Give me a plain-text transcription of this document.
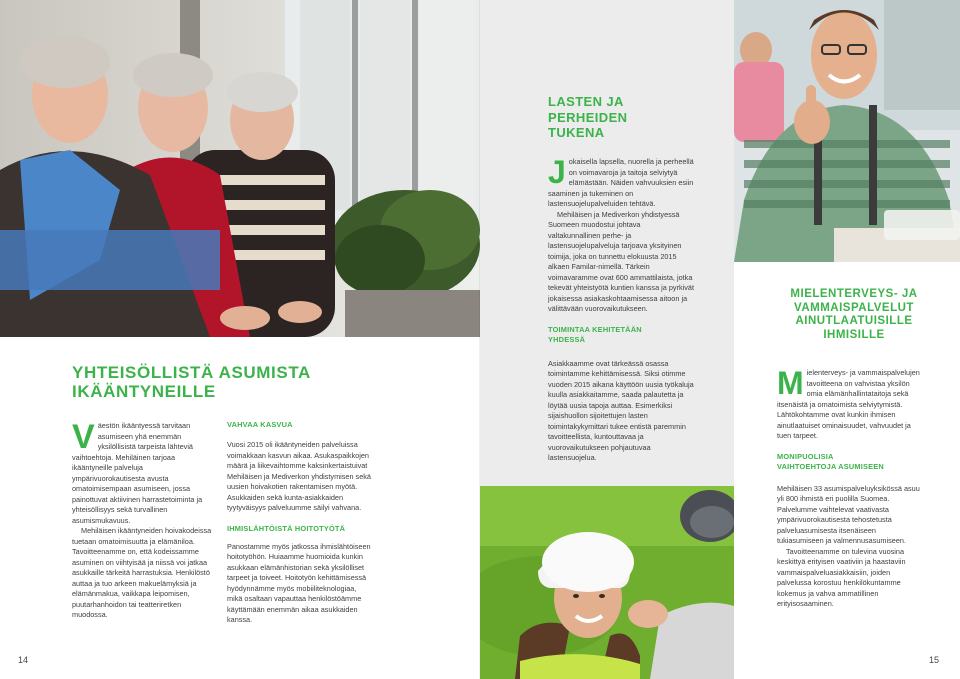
YHTEISÖLLISTÄ ASUMISTA
IKÄÄNTYNEILLE

Väestön ikääntyessä tarvitaan asumiseen yhä enemmän yksilöllisistä tarpeista lähteviä vaihtoehtoja. Mehiläinen tarjoaa ikääntyneille palveluja ympärivuorokautisesta avusta omatoimisempaan asumiseen, jossa painottuvat aktiivinen harrastetoiminta ja yhteisöllisyys sekä turvallinen asumismukavuus.

Mehiläisen ikääntyneiden hoivakodeissa tuetaan omatoimisuutta ja elämäniloa. Tavoitteenamme on, että kodeissamme asuminen on viihtyisää ja niissä voi jatkaa asukkaille tärkeitä harrastuksia. Henkilöstö auttaa ja tuo arkeen makuelämyksiä ja elämänmakua, vaikkapa leipomisen, puutarhanhoidon tai teatteriretken muodossa.

VAHVAA KASVUA

Vuosi 2015 oli ikääntyneiden palveluissa voimakkaan kasvun aikaa. Asukaspaikkojen määrä ja liikevaihtomme kaksinkertaistuivat Mehiläisen ja Mediverkon yhdistymisen sekä uusien hoivakotien rakentamisen myötä. Asukkaiden sekä kunta-asiakkaiden tyytyväisyys palveluumme säilyi vahvana.

IHMISLÄHTÖISTÄ HOITOTYÖTÄ

Panostamme myös jatkossa ihmislähtöiseen hoitotyöhön. Huiaamme huomioida kunkin asukkaan elämänhistorian sekä yksilölliset tarpeet ja toiveet. Hoitotyön kehittämisessä hyödynnämme myös mobiiliteknologiaa, mikä osaltaan vapauttaa henkilöstöämme käyttämään enemmän aikaa asukkaiden kanssa.

14
LASTEN JA
PERHEIDEN
TUKENA

Jokaisella lapsella, nuorella ja perheellä on voimavaroja ja taitoja selviytyä elämästään. Näiden vahvuuksien esiin saaminen ja tukeminen on lastensuojelupalveluiden tehtävä.

Mehiläisen ja Mediverkon yhdistyessä Suomeen muodostui johtava valtakunnallinen perhe- ja lastensuojelupalveluja tarjoava yksityinen toimija, joka on tunnettu elokuusta 2015 alkaen Familar-nimellä. Tärkein voimavaramme ovat 600 ammattilaista, jotka tekevät yhteistyötä kuntien kanssa ja pyrkivät jokaisessa asiakaskohtaamisessa aitoon ja välittävään vuorovaikutukseen.

TOIMINTAA KEHITETÄÄN
YHDESSÄ

Asiakkaamme ovat tärkeässä osassa toimintamme kehittämisessä. Siksi otimme vuoden 2015 aikana käyttöön uusia työkaluja kuulla asiakkaitamme, saada palautetta ja löytää uusia tapoja auttaa. Esimerkiksi sijaishuollon sijoitettujen lasten toimintakykymittari tukee entistä paremmin tavoitteellista, kuntouttavaa ja vuorovaikutukseen pohjautuvaa lastensuojelua.

MIELENTERVEYS- JA
VAMMAISPALVELUT
AINUTLAATUISILLE
IHMISILLE

Mielenterveys- ja vammaispalvelujen tavoitteena on vahvistaa yksilön omia elämänhallintataitoja sekä itsenäistä ja omatoimista selviytymistä. Lähtökohtamme ovat kunkin ihmisen ainutlaatuiset ominaisuudet, vahvuudet ja tuen tarpeet.

MONIPUOLISIA
VAIHTOEHTOJA ASUMISEEN

Mehiläisen 33 asumispalveluyksikössä asuu yli 800 ihmistä eri puolilla Suomea. Palvelumme vaihtelevat vaativasta ympärivuorokautisesta tehostetusta palveluasumisesta itsenäiseen tukiasumiseen ja valmennusasumiseen.

Tavoitteenamme on tulevina vuosina keskittyä erityisen vaativiin ja haastaviin vammaispalveluasiakkaisiin, joiden palvelussa korostuu henkilökuntamme kokemus ja vahva ammatillinen erityisosaaminen.

15
